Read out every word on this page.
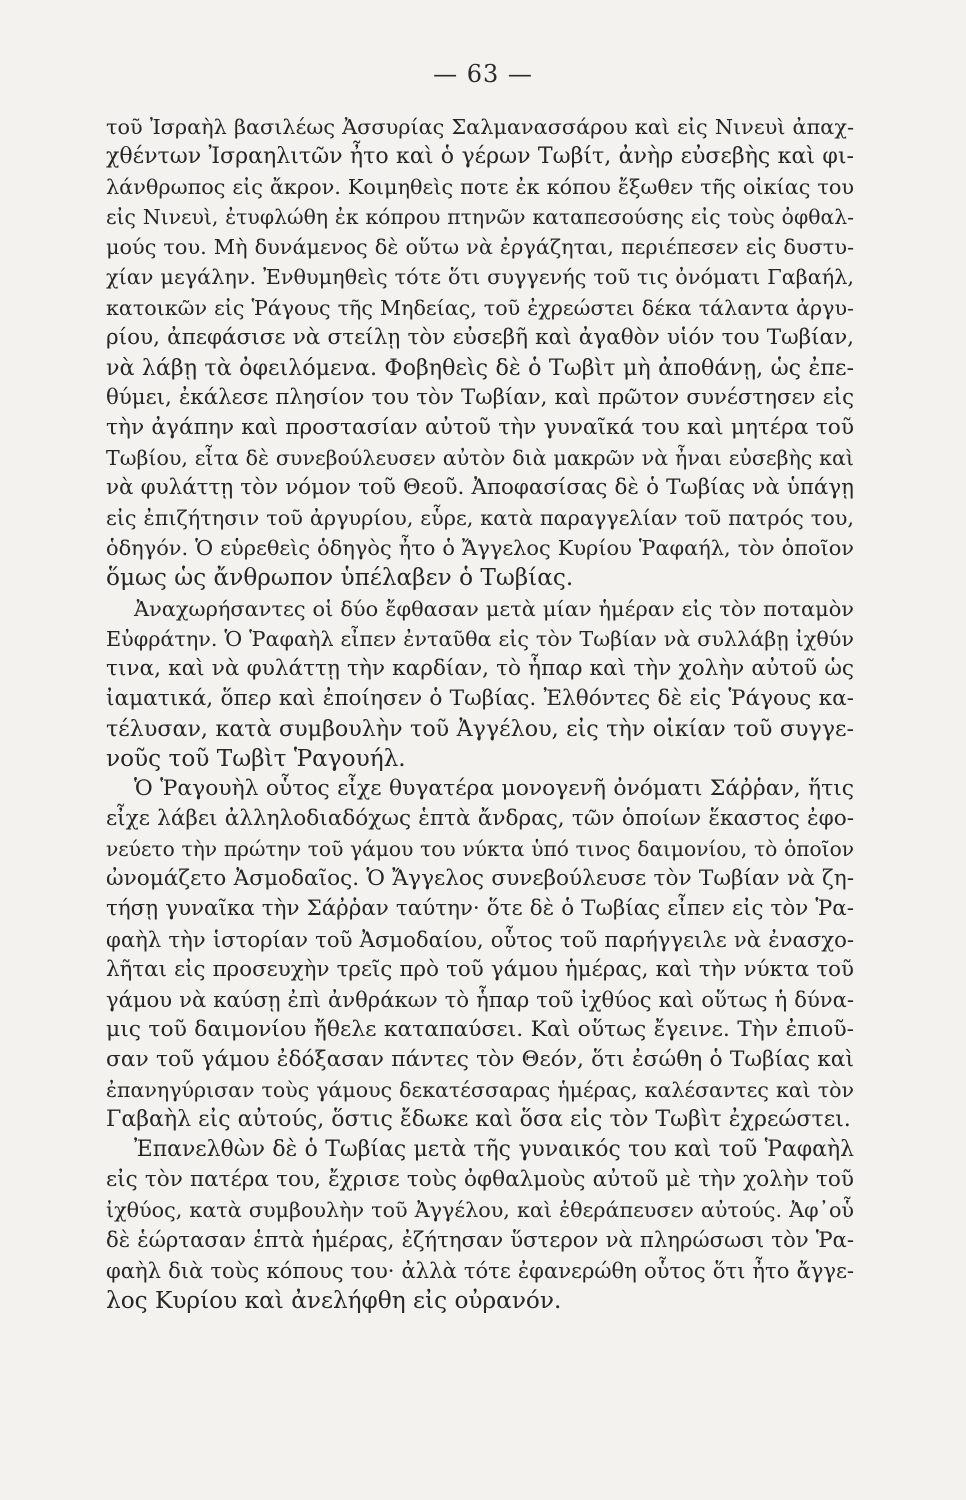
— 63 —
τοῦ Ἰσραὴλ βασιλέως Ἀσσυρίας Σαλμανασσάρου καὶ εἰς Νινευὶ ἀπαχ-
χθέντων Ἰσραηλιτῶν ἦτο καὶ ὁ γέρων Τωβίτ, ἀνὴρ εὐσεβὴς καὶ φι-
λάνθρωπος εἰς ἄκρον. Κοιμηθεὶς ποτε ἐκ κόπου ἔξωθεν τῆς οἰκίας του
εἰς Νινευὶ, ἐτυφλώθη ἐκ κόπρου πτηνῶν καταπεσούσης εἰς τοὺς ὀφθαλ-
μούς του. Μὴ δυνάμενος δὲ οὕτω νὰ ἐργάζηται, περιέπεσεν εἰς δυστυ-
χίαν μεγάλην. Ἐνθυμηθεὶς τότε ὅτι συγγενής τοῦ τις ὀνόματι Γαβαήλ,
κατοικῶν εἰς Ῥάγους τῆς Μηδείας, τοῦ ἐχρεώστει δέκα τάλαντα ἀργυ-
ρίου, ἀπεφάσισε νὰ στείλῃ τὸν εὐσεβῆ καὶ ἀγαθὸν υἱόν του Τωβίαν,
νὰ λάβῃ τὰ ὀφειλόμενα. Φοβηθεὶς δὲ ὁ Τωβὶτ μὴ ἀποθάνῃ, ὡς ἐπε-
θύμει, ἐκάλεσε πλησίον του τὸν Τωβίαν, καὶ πρῶτον συνέστησεν εἰς
τὴν ἀγάπην καὶ προστασίαν αὐτοῦ τὴν γυναῖκά του καὶ μητέρα τοῦ
Τωβίου, εἶτα δὲ συνεβούλευσεν αὐτὸν διὰ μακρῶν νὰ ἦναι εὐσεβὴς καὶ
νὰ φυλάττῃ τὸν νόμον τοῦ Θεοῦ. Ἀποφασίσας δὲ ὁ Τωβίας νὰ ὑπάγῃ
εἰς ἐπιζήτησιν τοῦ ἀργυρίου, εὗρε, κατὰ παραγγελίαν τοῦ πατρός του,
ὁδηγόν. Ὁ εὑρεθεὶς ὁδηγὸς ἦτο ὁ Ἄγγελος Κυρίου Ῥαφαήλ, τὸν ὁποῖον
ὅμως ὡς ἄνθρωπον ὑπέλαβεν ὁ Τωβίας.
Ἀναχωρήσαντες οἱ δύο ἔφθασαν μετὰ μίαν ἡμέραν εἰς τὸν ποταμὸν
Εὐφράτην. Ὁ Ῥαφαὴλ εἶπεν ἐνταῦθα εἰς τὸν Τωβίαν νὰ συλλάβῃ ἰχθύν
τινα, καὶ νὰ φυλάττῃ τὴν καρδίαν, τὸ ἧπαρ καὶ τὴν χολὴν αὐτοῦ ὡς
ἰαματικά, ὅπερ καὶ ἐποίησεν ὁ Τωβίας. Ἐλθόντες δὲ εἰς Ῥάγους κα-
τέλυσαν, κατὰ συμβουλὴν τοῦ Ἀγγέλου, εἰς τὴν οἰκίαν τοῦ συγγε-
νοῦς τοῦ Τωβὶτ Ῥαγουήλ.
Ὁ Ῥαγουὴλ οὗτος εἶχε θυγατέρα μονογενῆ ὀνόματι Σάῤῥαν, ἥτις
εἶχε λάβει ἀλληλοδιαδόχως ἑπτὰ ἄνδρας, τῶν ὁποίων ἕκαστος ἐφο-
νεύετο τὴν πρώτην τοῦ γάμου του νύκτα ὑπό τινος δαιμονίου, τὸ ὁποῖον
ὠνομάζετο Ἀσμοδαῖος. Ὁ Ἄγγελος συνεβούλευσε τὸν Τωβίαν νὰ ζη-
τήσῃ γυναῖκα τὴν Σάῤῥαν ταύτην· ὅτε δὲ ὁ Τωβίας εἶπεν εἰς τὸν Ῥα-
φαὴλ τὴν ἱστορίαν τοῦ Ἀσμοδαίου, οὗτος τοῦ παρήγγειλε νὰ ἐνασχο-
λῆται εἰς προσευχὴν τρεῖς πρὸ τοῦ γάμου ἡμέρας, καὶ τὴν νύκτα τοῦ
γάμου νὰ καύσῃ ἐπὶ ἀνθράκων τὸ ἧπαρ τοῦ ἰχθύος καὶ οὕτως ἡ δύνα-
μις τοῦ δαιμονίου ἤθελε καταπαύσει. Καὶ οὕτως ἔγεινε. Τὴν ἐπιοῦ-
σαν τοῦ γάμου ἐδόξασαν πάντες τὸν Θεόν, ὅτι ἐσώθη ὁ Τωβίας καὶ
ἐπανηγύρισαν τοὺς γάμους δεκατέσσαρας ἡμέρας, καλέσαντες καὶ τὸν
Γαβαὴλ εἰς αὐτούς, ὅστις ἔδωκε καὶ ὅσα εἰς τὸν Τωβὶτ ἐχρεώστει.
Ἐπανελθὼν δὲ ὁ Τωβίας μετὰ τῆς γυναικός του καὶ τοῦ Ῥαφαὴλ
εἰς τὸν πατέρα του, ἔχρισε τοὺς ὀφθαλμοὺς αὐτοῦ μὲ τὴν χολὴν τοῦ
ἰχθύος, κατὰ συμβουλὴν τοῦ Ἀγγέλου, καὶ ἐθεράπευσεν αὐτούς. Ἀφ᾽οὗ
δὲ ἑώρτασαν ἑπτὰ ἡμέρας, ἐζήτησαν ὕστερον νὰ πληρώσωσι τὸν Ῥα-
φαὴλ διὰ τοὺς κόπους του· ἀλλὰ τότε ἐφανερώθη οὗτος ὅτι ἦτο ἄγγε-
λος Κυρίου καὶ ἀνελήφθη εἰς οὐρανόν.
